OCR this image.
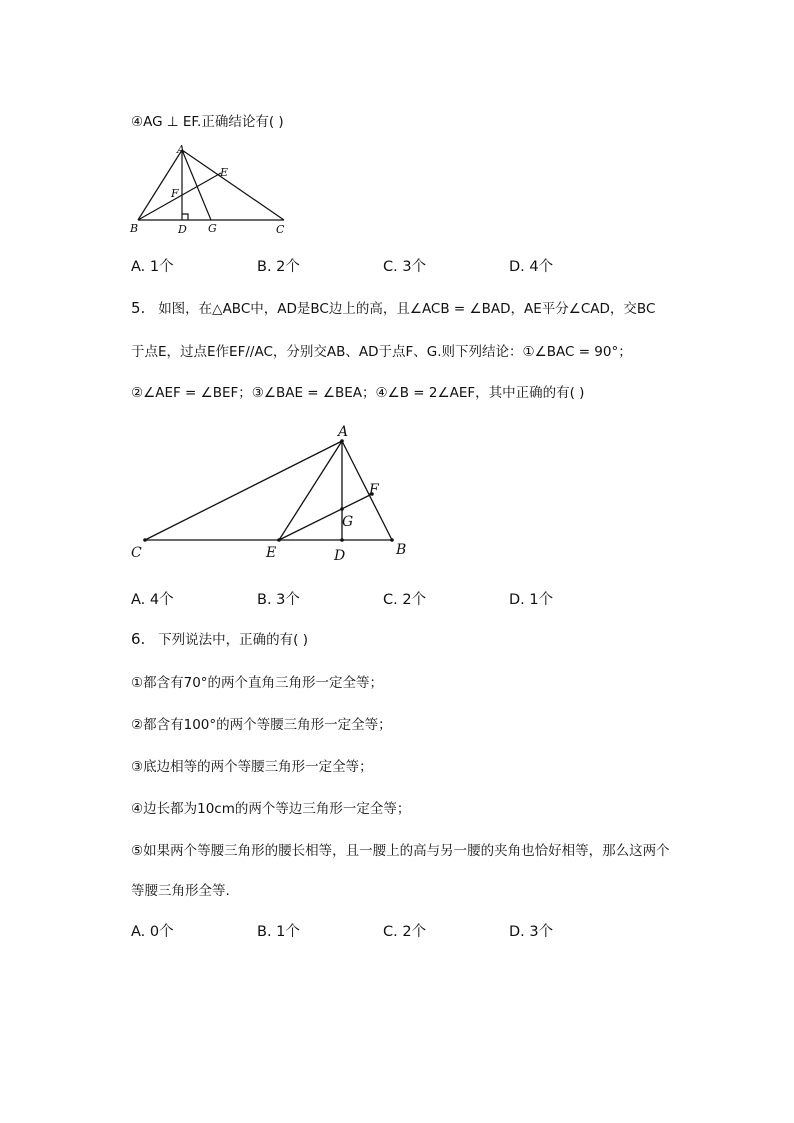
④AG ⊥ EF.正确结论有( )
A
B	C
D
E
F
G
A. 1个	B. 2个	C. 3个	D. 4个
5. 如图，在△ABC中，AD是BC边上的高，且∠ACB = ∠BAD，AE平分∠CAD，交BC
于点E，过点E作EF//AC，分别交AB、AD于点F、G.则下列结论：①∠BAC = 90°；
②∠AEF = ∠BEF；③∠BAE = ∠BEA；④∠B = 2∠AEF，其中正确的有( )
A
C	E	D	B
F
G
A. 4个	B. 3个	C. 2个	D. 1个
6. 下列说法中，正确的有( )
①都含有70°的两个直角三角形一定全等；
②都含有100°的两个等腰三角形一定全等；
③底边相等的两个等腰三角形一定全等；
④边长都为10cm的两个等边三角形一定全等；
⑤如果两个等腰三角形的腰长相等，且一腰上的高与另一腰的夹角也恰好相等，那么这两个
等腰三角形全等.
A. 0个	B. 1个	C. 2个	D. 3个
